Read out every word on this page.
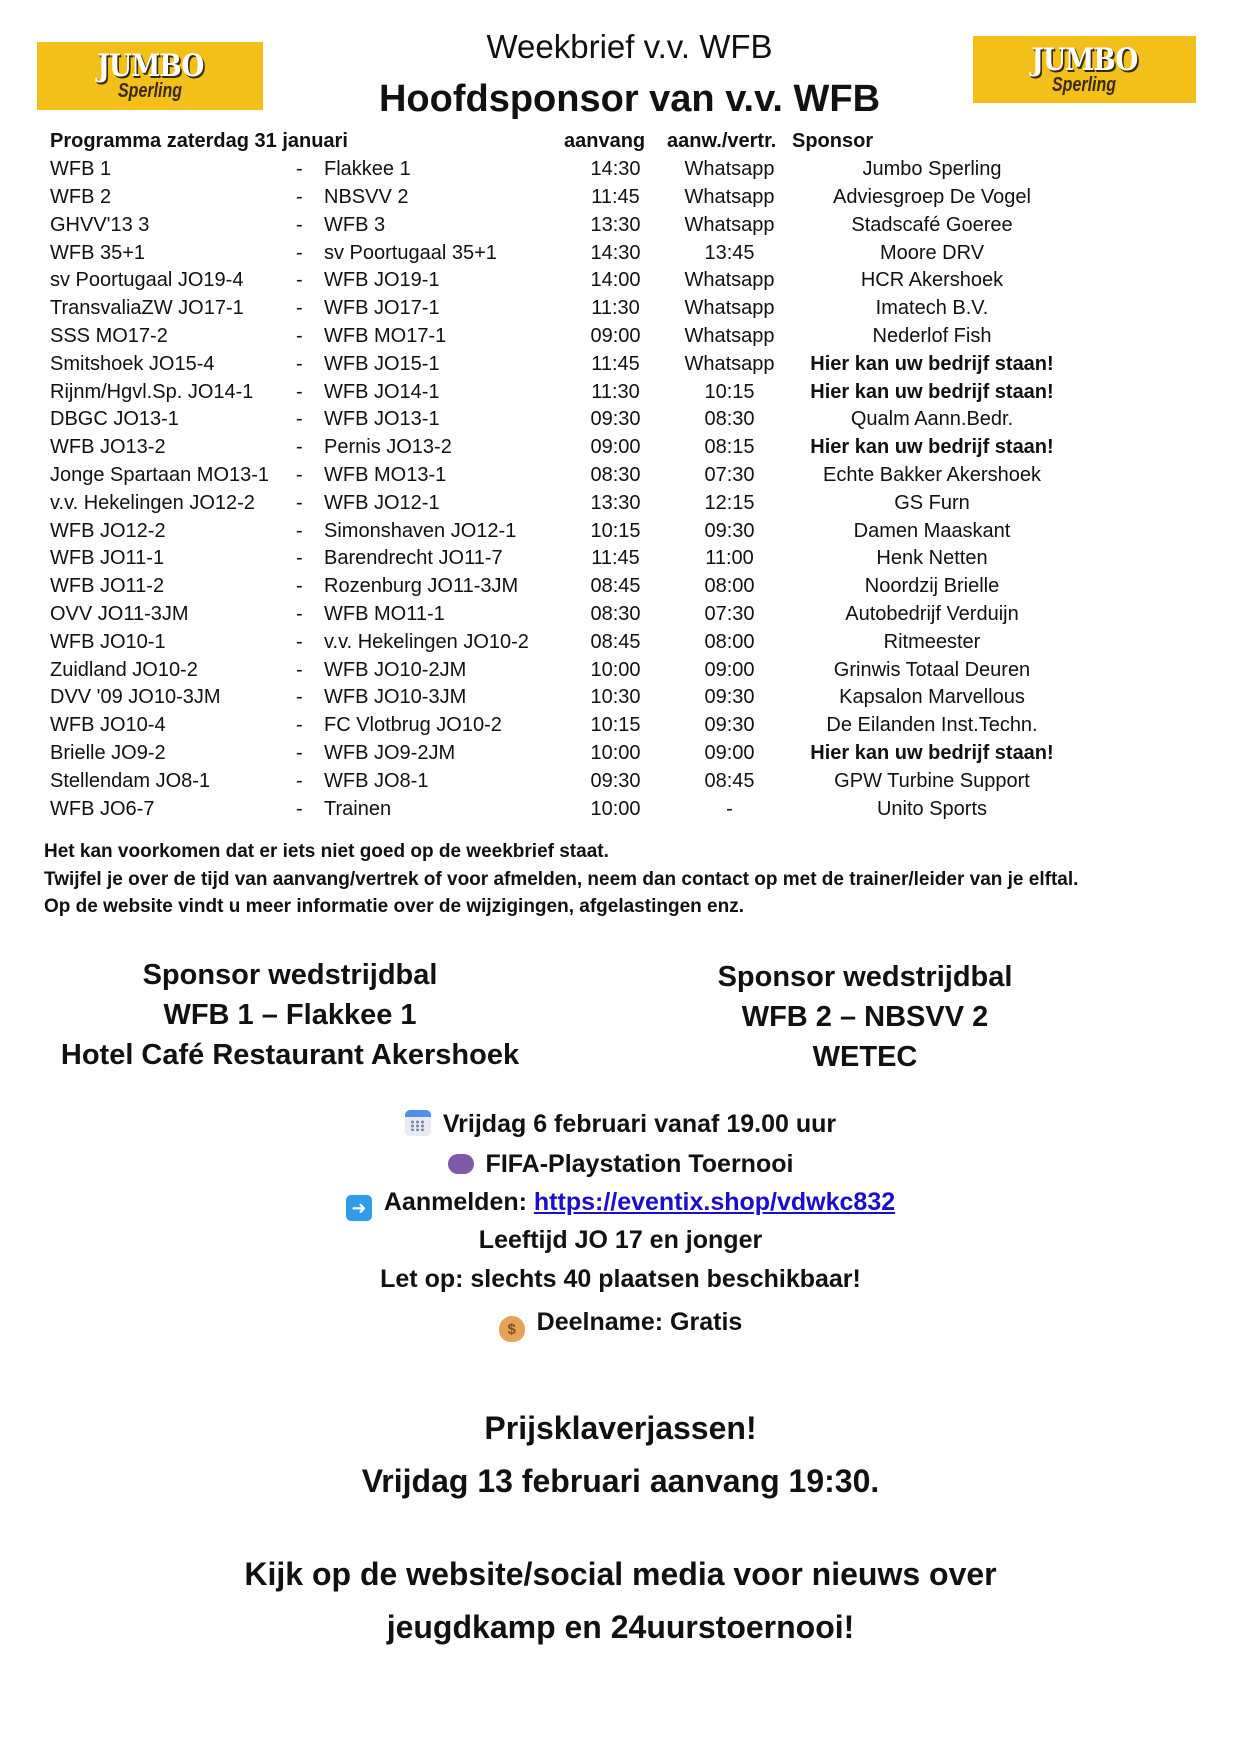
JUMBO
Sperling
JUMBO
Sperling
Weekbrief v.v. WFB
Hoofdsponsor van v.v. WFB
Programma zaterdag 31 januari			aanvang	aanw./vertr.	Sponsor
WFB 1	-	Flakkee 1	14:30	Whatsapp	Jumbo Sperling
WFB 2	-	NBSVV 2	11:45	Whatsapp	Adviesgroep De Vogel
GHVV'13 3	-	WFB 3	13:30	Whatsapp	Stadscafé Goeree
WFB 35+1	-	sv Poortugaal 35+1	14:30	13:45	Moore DRV
sv Poortugaal JO19-4	-	WFB JO19-1	14:00	Whatsapp	HCR Akershoek
TransvaliaZW JO17-1	-	WFB JO17-1	11:30	Whatsapp	Imatech B.V.
SSS MO17-2	-	WFB MO17-1	09:00	Whatsapp	Nederlof Fish
Smitshoek JO15-4	-	WFB JO15-1	11:45	Whatsapp	Hier kan uw bedrijf staan!
Rijnm/Hgvl.Sp. JO14-1	-	WFB JO14-1	11:30	10:15	Hier kan uw bedrijf staan!
DBGC JO13-1	-	WFB JO13-1	09:30	08:30	Qualm Aann.Bedr.
WFB JO13-2	-	Pernis JO13-2	09:00	08:15	Hier kan uw bedrijf staan!
Jonge Spartaan MO13-1	-	WFB MO13-1	08:30	07:30	Echte Bakker Akershoek
v.v. Hekelingen JO12-2	-	WFB JO12-1	13:30	12:15	GS Furn
WFB JO12-2	-	Simonshaven JO12-1	10:15	09:30	Damen Maaskant
WFB JO11-1	-	Barendrecht JO11-7	11:45	11:00	Henk Netten
WFB JO11-2	-	Rozenburg JO11-3JM	08:45	08:00	Noordzij Brielle
OVV JO11-3JM	-	WFB MO11-1	08:30	07:30	Autobedrijf Verduijn
WFB JO10-1	-	v.v. Hekelingen JO10-2	08:45	08:00	Ritmeester
Zuidland JO10-2	-	WFB JO10-2JM	10:00	09:00	Grinwis Totaal Deuren
DVV '09 JO10-3JM	-	WFB JO10-3JM	10:30	09:30	Kapsalon Marvellous
WFB JO10-4	-	FC Vlotbrug JO10-2	10:15	09:30	De Eilanden Inst.Techn.
Brielle JO9-2	-	WFB JO9-2JM	10:00	09:00	Hier kan uw bedrijf staan!
Stellendam JO8-1	-	WFB JO8-1	09:30	08:45	GPW Turbine Support
WFB JO6-7	-	Trainen	10:00	-	Unito Sports
Het kan voorkomen dat er iets niet goed op de weekbrief staat.
Twijfel je over de tijd van aanvang/vertrek of voor afmelden, neem dan contact op met de trainer/leider van je elftal.
Op de website vindt u meer informatie over de wijzigingen, afgelastingen enz.
Sponsor wedstrijdbal
WFB 1 – Flakkee 1
Hotel Café Restaurant Akershoek
Sponsor wedstrijdbal
WFB 2 – NBSVV 2
WETEC
Vrijdag 6 februari vanaf 19.00 uur
FIFA-Playstation Toernooi
➜ Aanmelden: https://eventix.shop/vdwkc832
Leeftijd JO 17 en jonger
Let op: slechts 40 plaatsen beschikbaar!
$ Deelname: Gratis
Prijsklaverjassen!
Vrijdag 13 februari aanvang 19:30.
Kijk op de website/social media voor nieuws over
jeugdkamp en 24uurstoernooi!
